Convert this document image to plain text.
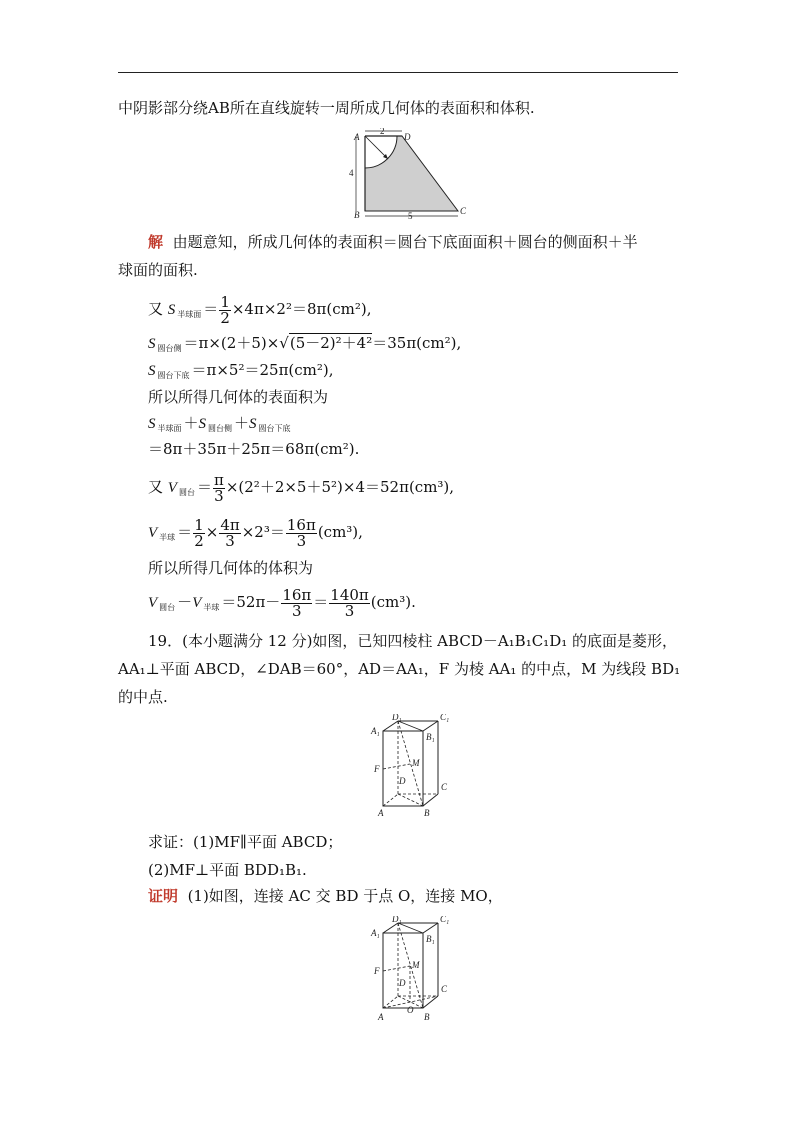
中阴影部分绕AB所在直线旋转一周所成几何体的表面积和体积.
A
B	C
D
2
4
5
解 由题意知，所成几何体的表面积＝圆台下底面面积＋圆台的侧面积＋半
球面的面积.
又 S $_{半球面} = \frac{1}{2} \times 4\pi\times 2^2=8\pi(cm^2)$,
S $_{圆台侧}$ ＝π×(2＋5)×√(5－2)²＋4²＝35π(cm²),
S $_{圆台下底}$ ＝π×5²＝25π(cm²),
所以所得几何体的表面积为
S $_{半球面}$ ＋S $_{圆台侧}$ ＋S $_{圆台下底}$
＝8π＋35π＋25π＝68π(cm²).
又 V $_{圆台} = \frac{\pi}{3} \times(2^2+2\times 5+5^2)\times 4=52\pi(cm^3)$,
V $_{半球} = \frac{1}{2} \times \frac{4\pi}{3} \times 2^3= \frac{16\pi}{3} (cm^3)$,
所以所得几何体的体积为
V $_{圆台}$ －V $_{半球} =52\pi- \frac{16\pi}{3} = \frac{140\pi}{3} (cm^3)$.
19．(本小题满分 12 分)如图，已知四棱柱 ABCD－A₁B₁C₁D₁ 的底面是菱形，
AA₁⊥平面 ABCD，∠DAB＝60°，AD＝AA₁，F 为棱 AA₁ 的中点，M 为线段 BD₁
的中点.
D₁	C₁
A₁
B₁
M
F
D
C
A	B
求证：(1)MF∥平面 ABCD；
(2)MF⊥平面 BDD₁B₁.
证明 (1)如图，连接 AC 交 BD 于点 O，连接 MO，
D₁	C₁
A₁
B₁
M
F
D
C
O
A	B
